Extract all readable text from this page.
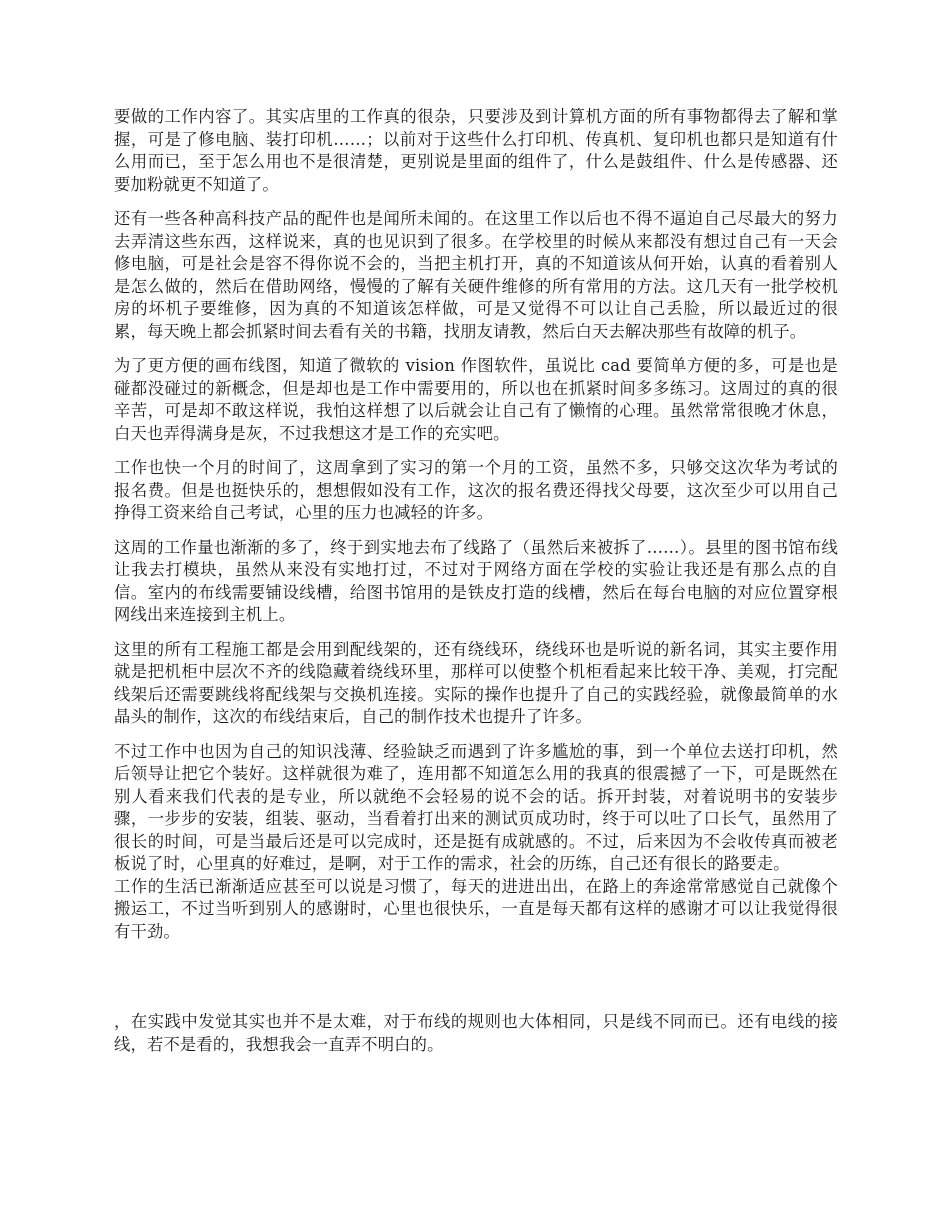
要做的工作内容了。其实店里的工作真的很杂，只要涉及到计算机方面的所有事物都得去了解和掌握，可是了修电脑、装打印机……；以前对于这些什么打印机、传真机、复印机也都只是知道有什么用而已，至于怎么用也不是很清楚，更别说是里面的组件了，什么是鼓组件、什么是传感器、还要加粉就更不知道了。

还有一些各种高科技产品的配件也是闻所未闻的。在这里工作以后也不得不逼迫自己尽最大的努力去弄清这些东西，这样说来，真的也见识到了很多。在学校里的时候从来都没有想过自己有一天会修电脑，可是社会是容不得你说不会的，当把主机打开，真的不知道该从何开始，认真的看着别人是怎么做的，然后在借助网络，慢慢的了解有关硬件维修的所有常用的方法。这几天有一批学校机房的坏机子要维修，因为真的不知道该怎样做，可是又觉得不可以让自己丢脸，所以最近过的很累，每天晚上都会抓紧时间去看有关的书籍，找朋友请教，然后白天去解决那些有故障的机子。

为了更方便的画布线图，知道了微软的 vision 作图软件，虽说比 cad 要简单方便的多，可是也是碰都没碰过的新概念，但是却也是工作中需要用的，所以也在抓紧时间多多练习。这周过的真的很辛苦，可是却不敢这样说，我怕这样想了以后就会让自己有了懒惰的心理。虽然常常很晚才休息，白天也弄得满身是灰，不过我想这才是工作的充实吧。

工作也快一个月的时间了，这周拿到了实习的第一个月的工资，虽然不多，只够交这次华为考试的报名费。但是也挺快乐的，想想假如没有工作，这次的报名费还得找父母要，这次至少可以用自己挣得工资来给自己考试，心里的压力也减轻的许多。

这周的工作量也渐渐的多了，终于到实地去布了线路了（虽然后来被拆了……）。县里的图书馆布线让我去打模块，虽然从来没有实地打过，不过对于网络方面在学校的实验让我还是有那么点的自信。室内的布线需要铺设线槽，给图书馆用的是铁皮打造的线槽，然后在每台电脑的对应位置穿根网线出来连接到主机上。

这里的所有工程施工都是会用到配线架的，还有绕线环，绕线环也是听说的新名词，其实主要作用就是把机柜中层次不齐的线隐藏着绕线环里，那样可以使整个机柜看起来比较干净、美观，打完配线架后还需要跳线将配线架与交换机连接。实际的操作也提升了自己的实践经验，就像最简单的水晶头的制作，这次的布线结束后，自己的制作技术也提升了许多。

不过工作中也因为自己的知识浅薄、经验缺乏而遇到了许多尴尬的事，到一个单位去送打印机，然后领导让把它个装好。这样就很为难了，连用都不知道怎么用的我真的很震撼了一下，可是既然在别人看来我们代表的是专业，所以就绝不会轻易的说不会的话。拆开封装，对着说明书的安装步骤，一步步的安装，组装、驱动，当看着打出来的测试页成功时，终于可以吐了口长气，虽然用了很长的时间，可是当最后还是可以完成时，还是挺有成就感的。不过，后来因为不会收传真而被老板说了时，心里真的好难过，是啊，对于工作的需求，社会的历练，自己还有很长的路要走。

工作的生活已渐渐适应甚至可以说是习惯了，每天的进进出出，在路上的奔途常常感觉自己就像个搬运工，不过当听到别人的感谢时，心里也很快乐，一直是每天都有这样的感谢才可以让我觉得很有干劲。

，在实践中发觉其实也并不是太难，对于布线的规则也大体相同，只是线不同而已。还有电线的接线，若不是看的，我想我会一直弄不明白的。
